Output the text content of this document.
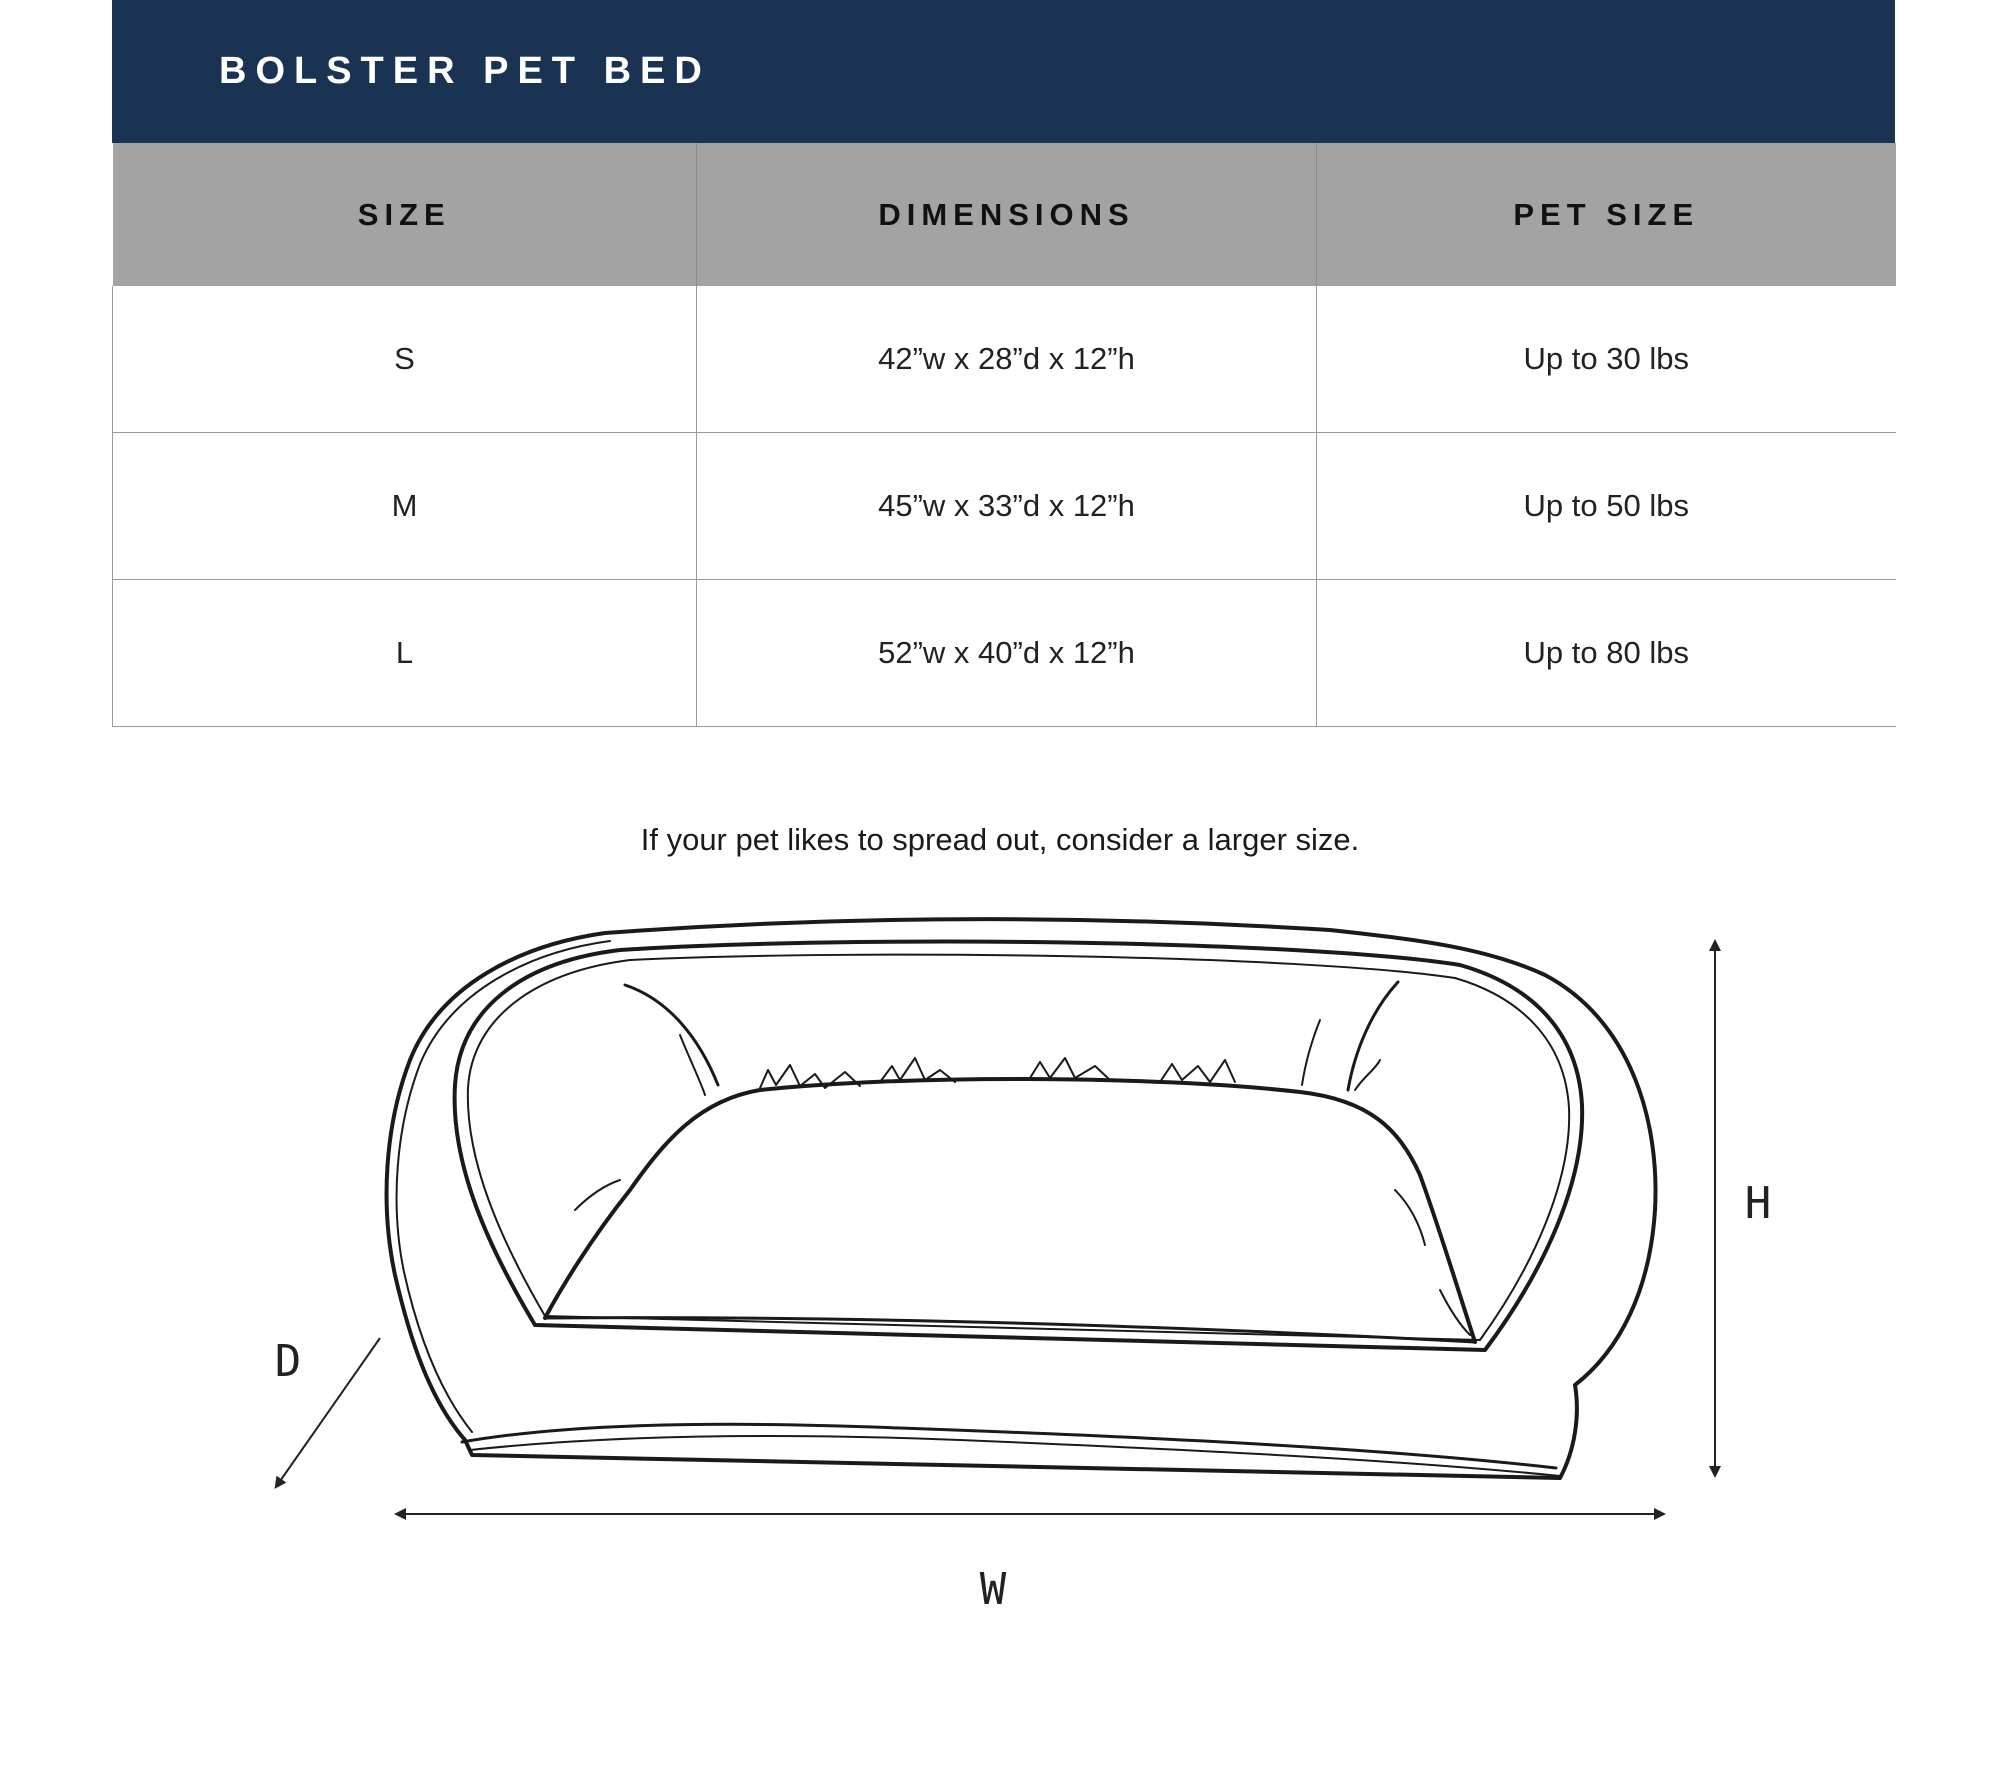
BOLSTER PET BED
SIZE	DIMENSIONS	PET SIZE
S	42”w x 28”d x 12”h	Up to 30 lbs
M	45”w x 33”d x 12”h	Up to 50 lbs
L	52”w x 40”d x 12”h	Up to 80 lbs
If your pet likes to spread out, consider a larger size.
H
D
W
